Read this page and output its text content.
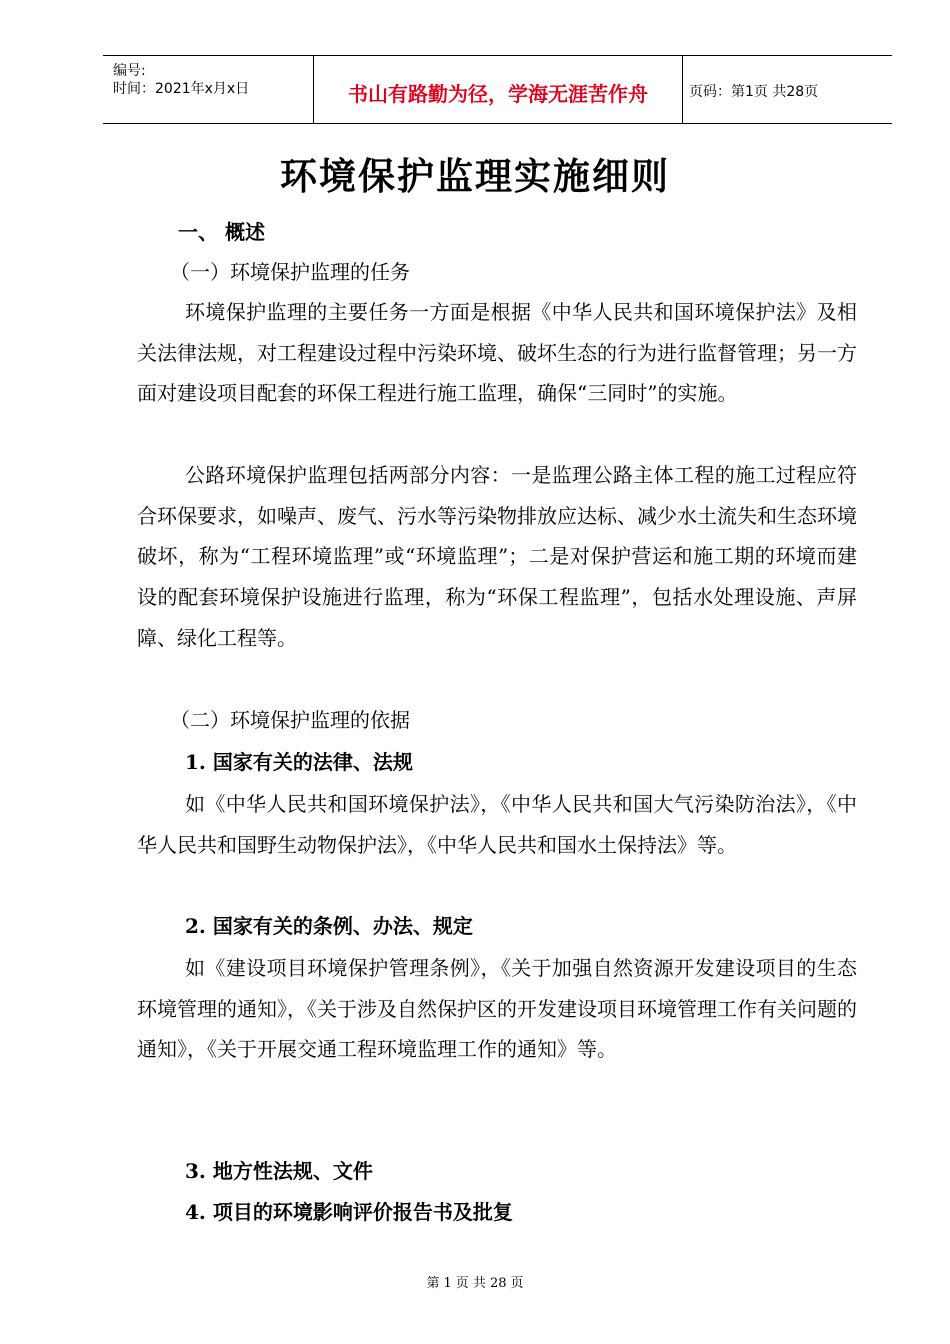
编号:
时间：2021年x月x日	书山有路勤为径，学海无涯苦作舟	页码：第1页 共28页
环境保护监理实施细则
一、 概述
（一）环境保护监理的任务
环境保护监理的主要任务一方面是根据《中华人民共和国环境保护法》及相关法律法规，对工程建设过程中污染环境、破坏生态的行为进行监督管理；另一方面对建设项目配套的环保工程进行施工监理，确保“三同时”的实施。
公路环境保护监理包括两部分内容：一是监理公路主体工程的施工过程应符合环保要求，如噪声、废气、污水等污染物排放应达标、减少水土流失和生态环境破坏，称为“工程环境监理”或“环境监理”；二是对保护营运和施工期的环境而建设的配套环境保护设施进行监理，称为“环保工程监理”，包括水处理设施、声屏障、绿化工程等。
（二）环境保护监理的依据
1. 国家有关的法律、法规
如《中华人民共和国环境保护法》，《中华人民共和国大气污染防治法》，《中华人民共和国野生动物保护法》，《中华人民共和国水土保持法》等。
2. 国家有关的条例、办法、规定
如《建设项目环境保护管理条例》，《关于加强自然资源开发建设项目的生态环境管理的通知》，《关于涉及自然保护区的开发建设项目环境管理工作有关问题的通知》，《关于开展交通工程环境监理工作的通知》等。
3. 地方性法规、文件
4. 项目的环境影响评价报告书及批复
第 1 页 共 28 页
